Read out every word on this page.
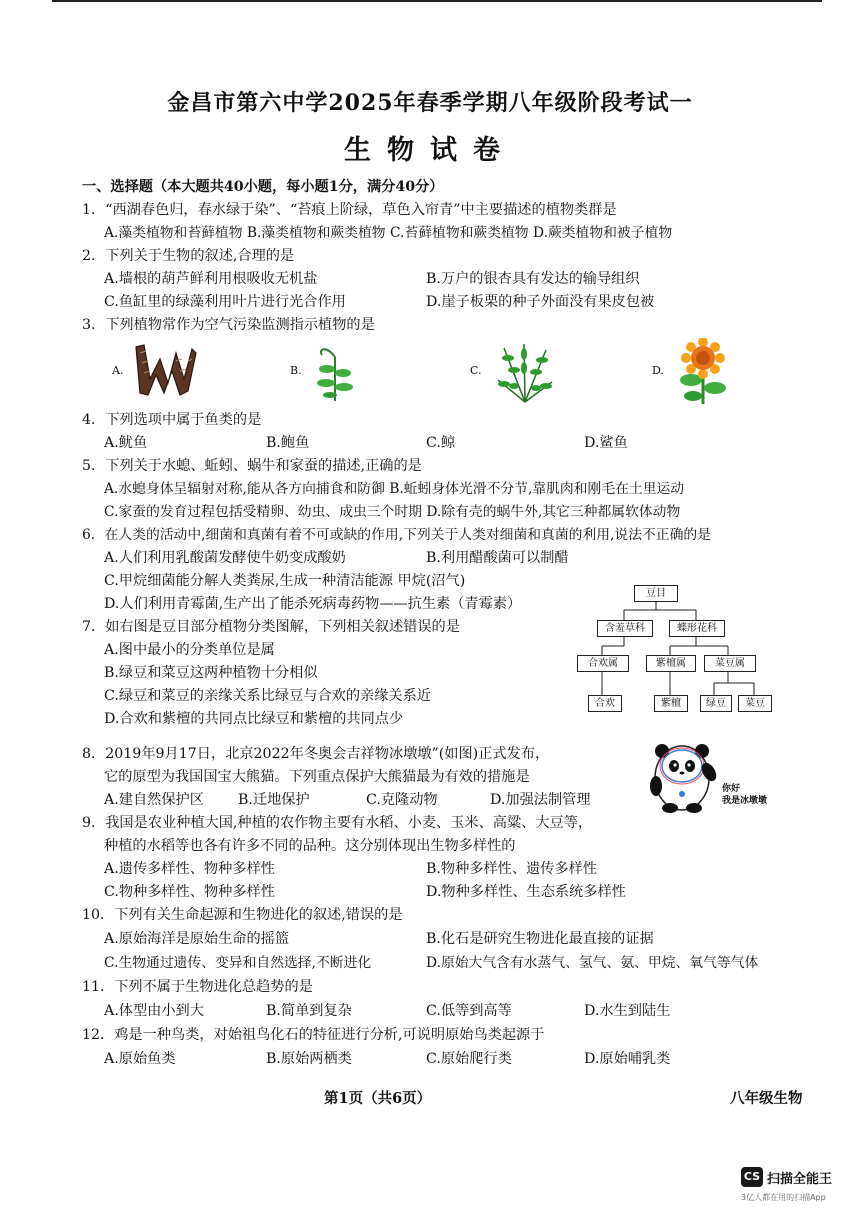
金昌市第六中学2025年春季学期八年级阶段考试一
生物试卷
一、选择题（本大题共40小题，每小题1分，满分40分）
1．“西湖春色归，春水绿于染”、“苔痕上阶绿，草色入帘青”中主要描述的植物类群是
A.藻类植物和苔藓植物 B.藻类植物和蕨类植物 C.苔藓植物和蕨类植物 D.蕨类植物和被子植物
2．下列关于生物的叙述,合理的是
A.墙根的葫芦鲜利用根吸收无机盐	B.万户的银杏具有发达的输导组织
C.鱼缸里的绿藻利用叶片进行光合作用	D.崖子板栗的种子外面没有果皮包被
3．下列植物常作为空气污染监测指示植物的是
A.	B.	C.	D.
4．下列选项中属于鱼类的是
A.鱿鱼	B.鲍鱼	C.鲸	D.鲨鱼
5．下列关于水螅、蚯蚓、蜗牛和家蚕的描述,正确的是
A.水螅身体呈辐射对称,能从各方向捕食和防御 B.蚯蚓身体光滑不分节,靠肌肉和刚毛在土里运动
C.家蚕的发育过程包括受精卵、幼虫、成虫三个时期 D.除有壳的蜗牛外,其它三种都属软体动物
6．在人类的活动中,细菌和真菌有着不可或缺的作用,下列关于人类对细菌和真菌的利用,说法不正确的是
A.人们利用乳酸菌发酵使牛奶变成酸奶	B.利用醋酸菌可以制醋
C.甲烷细菌能分解人类粪尿,生成一种清洁能源 甲烷(沼气)
D.人们利用青霉菌,生产出了能杀死病毒药物——抗生素（青霉素）
7．如右图是豆目部分植物分类图解，下列相关叙述错误的是
A.图中最小的分类单位是属
B.绿豆和菜豆这两种植物十分相似
C.绿豆和菜豆的亲缘关系比绿豆与合欢的亲缘关系近
D.合欢和紫檀的共同点比绿豆和紫檀的共同点少
豆目
含羞草科	蝶形花科
合欢属	紫檀属	菜豆属
合欢	紫檀	绿豆	菜豆
8．2019年9月17日，北京2022年冬奥会吉祥物冰墩墩”(如图)正式发布，
它的原型为我国国宝大熊猫。下列重点保护大熊猫最为有效的措施是
A.建自然保护区 B.迁地保护	C.克隆动物	D.加强法制管理
你好
我是冰墩墩
9．我国是农业种植大国,种植的农作物主要有水稻、小麦、玉米、高粱、大豆等，
种植的水稻等也各有许多不同的品种。这分别体现出生物多样性的
A.遗传多样性、物种多样性	B.物种多样性、遗传多样性
C.物种多样性、物种多样性	D.物种多样性、生态系统多样性
10．下列有关生命起源和生物进化的叙述,错误的是
A.原始海洋是原始生命的摇篮	B.化石是研究生物进化最直接的证据
C.生物通过遗传、变异和自然选择,不断进化	D.原始大气含有水蒸气、氢气、氨、甲烷、氧气等气体
11．下列不属于生物进化总趋势的是
A.体型由小到大	B.简单到复杂	C.低等到高等	D.水生到陆生
12．鸡是一种鸟类，对始祖鸟化石的特征进行分析,可说明原始鸟类起源于
A.原始鱼类	B.原始两栖类	C.原始爬行类	D.原始哺乳类
第1页（共6页）	八年级生物
CS 扫描全能王
3亿人都在用的扫描App
